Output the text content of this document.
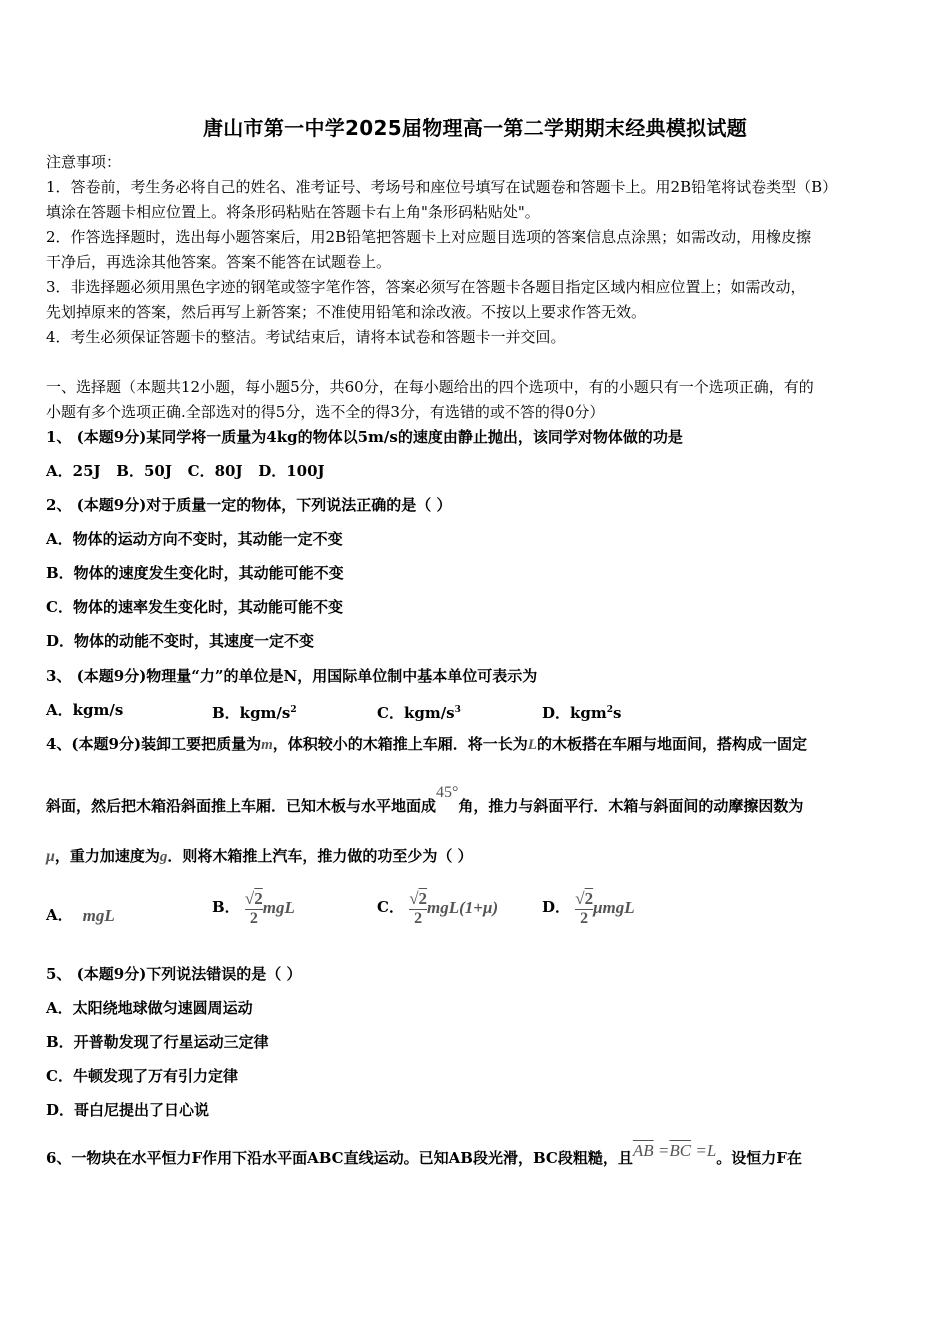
唐山市第一中学2025届物理高一第二学期期末经典模拟试题
注意事项：
1．答卷前，考生务必将自己的姓名、准考证号、考场号和座位号填写在试题卷和答题卡上。用2B铅笔将试卷类型（B）
填涂在答题卡相应位置上。将条形码粘贴在答题卡右上角"条形码粘贴处"。
2．作答选择题时，选出每小题答案后，用2B铅笔把答题卡上对应题目选项的答案信息点涂黑；如需改动，用橡皮擦
干净后，再选涂其他答案。答案不能答在试题卷上。
3．非选择题必须用黑色字迹的钢笔或签字笔作答，答案必须写在答题卡各题目指定区域内相应位置上；如需改动，
先划掉原来的答案，然后再写上新答案；不准使用铅笔和涂改液。不按以上要求作答无效。
4．考生必须保证答题卡的整洁。考试结束后，请将本试卷和答题卡一并交回。
一、选择题（本题共12小题，每小题5分，共60分，在每小题给出的四个选项中，有的小题只有一个选项正确，有的
小题有多个选项正确.全部选对的得5分，选不全的得3分，有选错的或不答的得0分）
1、 (本题9分)某同学将一质量为4kg的物体以5m/s的速度由静止抛出，该同学对物体做的功是
A．25J B．50J C．80J D．100J
2、 (本题9分)对于质量一定的物体，下列说法正确的是（ ）
A．物体的运动方向不变时，其动能一定不变
B．物体的速度发生变化时，其动能可能不变
C．物体的速率发生变化时，其动能可能不变
D．物体的动能不变时，其速度一定不变
3、 (本题9分)物理量“力”的单位是N，用国际单位制中基本单位可表示为
A．kgm/s	B．kgm/$s^2$	C．kgm/$s^3$	D．kgm$^2$s
4、(本题9分)装卸工要把质量为m，体积较小的木箱推上车厢．将一长为L的木板搭在车厢与地面间，搭构成一固定
斜面，然后把木箱沿斜面推上车厢．已知木板与水平地面成45°角，推力与斜面平行．木箱与斜面间的动摩擦因数为
μ，重力加速度为g．则将木箱推上汽车，推力做的功至少为（ ）
A． mgL	B． $\frac{√2}{2}$ mgL	C． $\frac{√2}{2} mgL(1+\mu)$	D． $\frac{√2}{2}$ μmgL
5、 (本题9分)下列说法错误的是（ ）
A．太阳绕地球做匀速圆周运动
B．开普勒发现了行星运动三定律
C．牛顿发现了万有引力定律
D．哥白尼提出了日心说
6、一物块在水平恒力F作用下沿水平面ABC直线运动。已知AB段光滑，BC段粗糙，且$\overline{AB} =\overline{BC} =L$。设恒力F在
